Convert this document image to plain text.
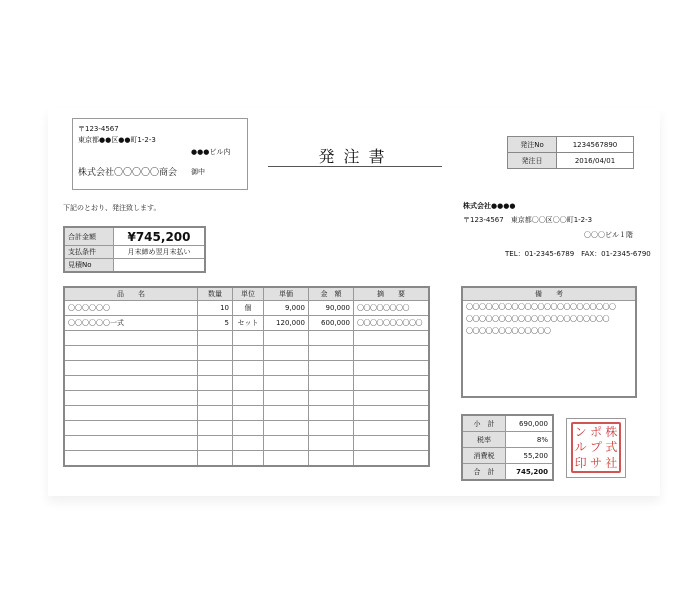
〒123-4567
東京都●●区●●町1-2-3
●●●ビル内
株式会社〇〇〇〇〇商会 御中
発注書
発注No	1234567890
発注日	2016/04/01
下記のとおり、発注致します。	株式会社●●●●
〒123-4567　東京都〇〇区〇〇町1-2-3
〇〇〇ビル１階
TEL：01-2345-6789　FAX：01-2345-6790
合計金額	¥745,200
支払条件	月末締め翌月末払い
見積No	
品　　名	数量	単位	単価	金　額	摘　　要
〇〇〇〇〇〇	10	個	9,000	90,000	〇〇〇〇〇〇〇〇
〇〇〇〇〇〇一式	5	セット	120,000	600,000	〇〇〇〇〇〇〇〇〇〇

備　　考
〇〇〇〇〇〇〇〇〇〇〇〇〇〇〇〇〇〇〇〇〇〇〇
〇〇〇〇〇〇〇〇〇〇〇〇〇〇〇〇〇〇〇〇〇〇
〇〇〇〇〇〇〇〇〇〇〇〇〇
小　計	690,000
税率	8%
消費税	55,200
合　計	745,200
ン ポ 株
ル プ 式
印 サ 社
